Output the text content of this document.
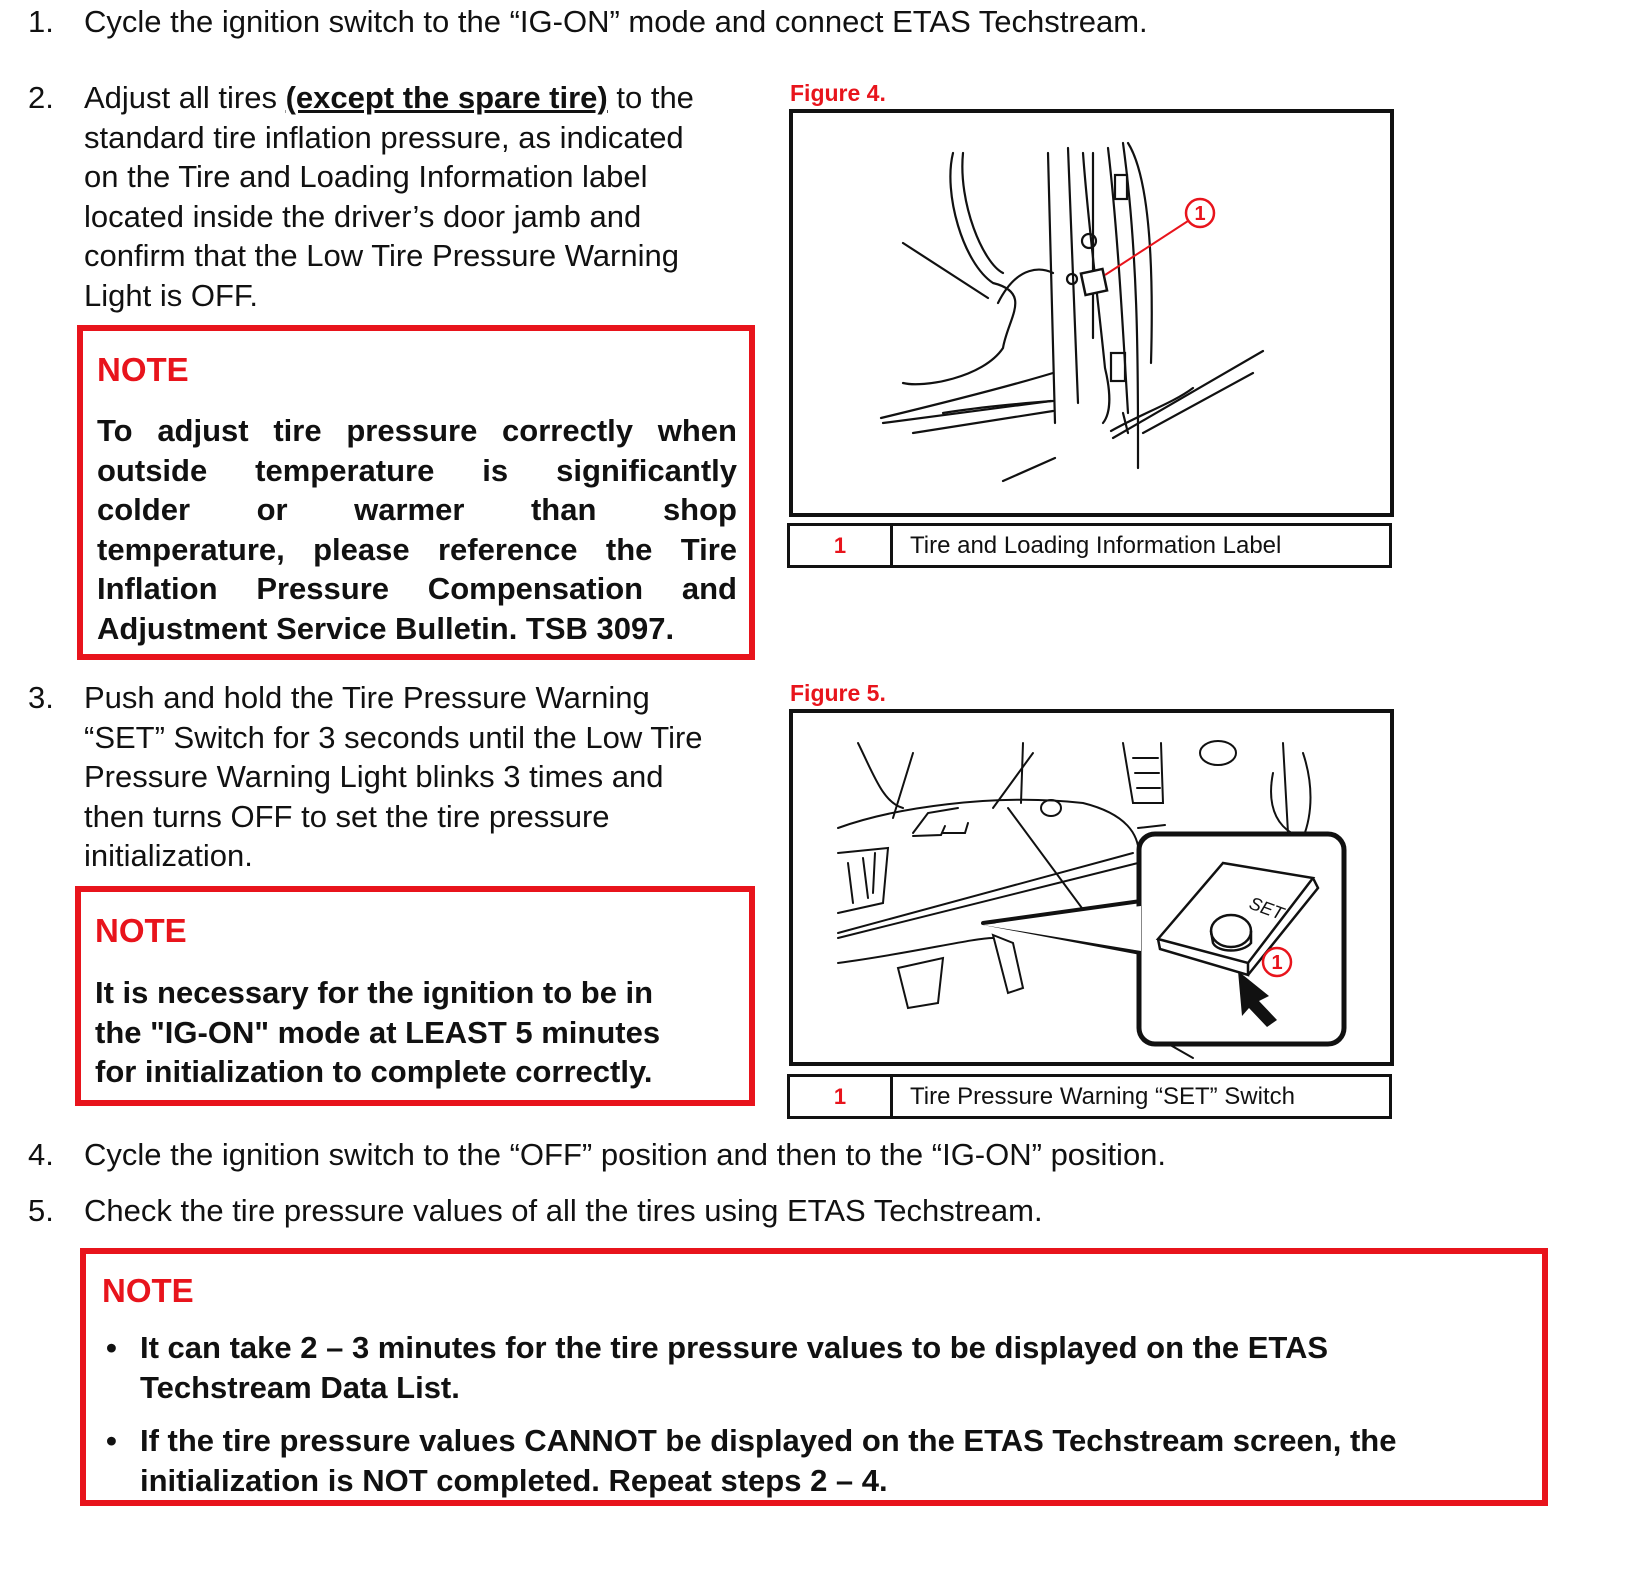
1. Cycle the ignition switch to the “IG-ON” mode and connect ETAS Techstream.
2. Adjust all tires (except the spare tire) to the
standard tire inflation pressure, as indicated
on the Tire and Loading Information label
located inside the driver’s door jamb and
confirm that the Low Tire Pressure Warning
Light is OFF.
NOTE
To adjust tire pressure correctly when
outside temperature is significantly
colder or warmer than shop
temperature, please reference the Tire
Inflation Pressure Compensation and
Adjustment Service Bulletin. TSB 3097.
Figure 4.
1
1	Tire and Loading Information Label
3. Push and hold the Tire Pressure Warning
“SET” Switch for 3 seconds until the Low Tire
Pressure Warning Light blinks 3 times and
then turns OFF to set the tire pressure
initialization.
NOTE
It is necessary for the ignition to be in
the "IG-ON" mode at LEAST 5 minutes
for initialization to complete correctly.
Figure 5.
SET
1
1	Tire Pressure Warning “SET” Switch
4. Cycle the ignition switch to the “OFF” position and then to the “IG-ON” position.
5. Check the tire pressure values of all the tires using ETAS Techstream.
NOTE
• It can take 2 – 3 minutes for the tire pressure values to be displayed on the ETAS
Techstream Data List.
• If the tire pressure values CANNOT be displayed on the ETAS Techstream screen, the
initialization is NOT completed. Repeat steps 2 – 4.
